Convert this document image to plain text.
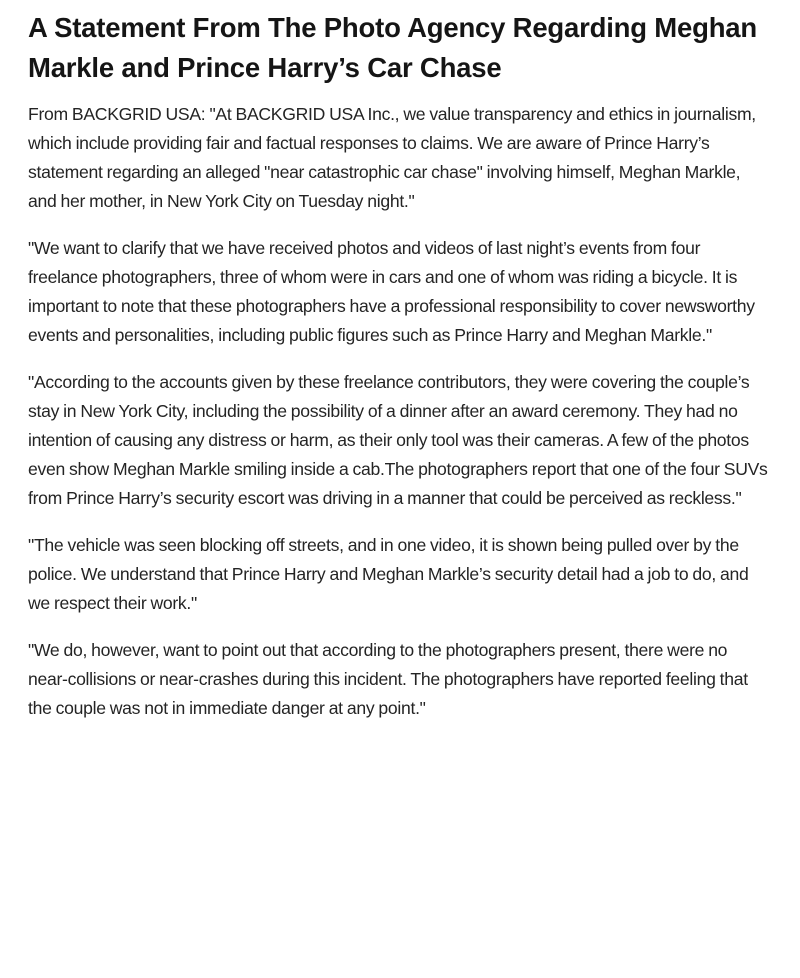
A Statement From The Photo Agency Regarding Meghan Markle and Prince Harry’s Car Chase

From BACKGRID USA: "At BACKGRID USA Inc., we value transparency and ethics in journalism, which include providing fair and factual responses to claims. We are aware of Prince Harry’s statement regarding an alleged "near catastrophic car chase" involving himself, Meghan Markle, and her mother, in New York City on Tuesday night."

"We want to clarify that we have received photos and videos of last night’s events from four freelance photographers, three of whom were in cars and one of whom was riding a bicycle. It is important to note that these photographers have a professional responsibility to cover newsworthy events and personalities, including public figures such as Prince Harry and Meghan Markle."

"According to the accounts given by these freelance contributors, they were covering the couple’s stay in New York City, including the possibility of a dinner after an award ceremony. They had no intention of causing any distress or harm, as their only tool was their cameras. A few of the photos even show Meghan Markle smiling inside a cab.The photographers report that one of the four SUVs from Prince Harry’s security escort was driving in a manner that could be perceived as reckless."

"The vehicle was seen blocking off streets, and in one video, it is shown being pulled over by the police. We understand that Prince Harry and Meghan Markle’s security detail had a job to do, and we respect their work."

"We do, however, want to point out that according to the photographers present, there were no near-collisions or near-crashes during this incident. The photographers have reported feeling that the couple was not in immediate danger at any point."
